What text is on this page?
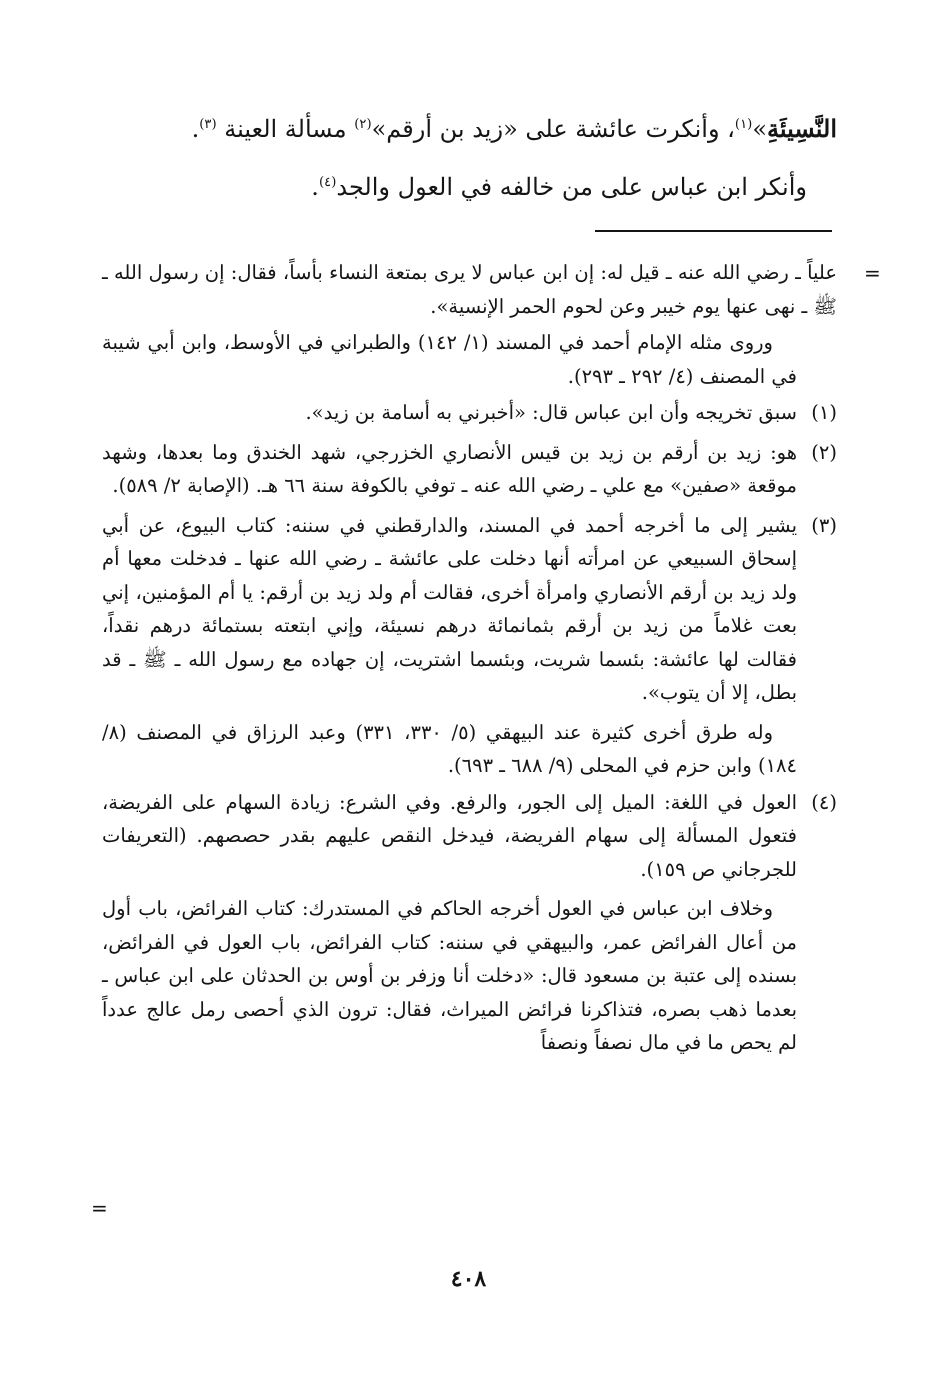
النَّسِيئَةِ»$^{(١)}$، وأنكرت عائشة على «زيد بن أرقم»$^{(٢)}$ مسألة العينة $^{(٣)}$.
وأنكر ابن عباس على من خالفه في العول والجد$^{(٤)}$.
=

علياً ـ رضي الله عنه ـ قيل له: إن ابن عباس لا يرى بمتعة النساء بأساً، فقال: إن رسول الله ـ ﷺ ـ نهى عنها يوم خيبر وعن لحوم الحمر الإنسية».

وروى مثله الإمام أحمد في المسند (١/ ١٤٢) والطبراني في الأوسط، وابن أبي شيبة في المصنف (٤/ ٢٩٢ ـ ٢٩٣).

(١)

سبق تخريجه وأن ابن عباس قال: «أخبرني به أسامة بن زيد».

(٢)

هو: زيد بن أرقم بن زيد بن قيس الأنصاري الخزرجي، شهد الخندق وما بعدها، وشهد موقعة «صفين» مع علي ـ رضي الله عنه ـ توفي بالكوفة سنة ٦٦ هـ. (الإصابة ٢/ ٥٨٩).

(٣)

يشير إلى ما أخرجه أحمد في المسند، والدارقطني في سننه: كتاب البيوع، عن أبي إسحاق السبيعي عن امرأته أنها دخلت على عائشة ـ رضي الله عنها ـ فدخلت معها أم ولد زيد بن أرقم الأنصاري وامرأة أخرى، فقالت أم ولد زيد بن أرقم: يا أم المؤمنين، إني بعت غلاماً من زيد بن أرقم بثمانمائة درهم نسيئة، وإني ابتعته بستمائة درهم نقداً، فقالت لها عائشة: بئسما شريت، وبئسما اشتريت، إن جهاده مع رسول الله ـ ﷺ ـ قد بطل، إلا أن يتوب».

وله طرق أخرى كثيرة عند البيهقي (٥/ ٣٣٠، ٣٣١) وعبد الرزاق في المصنف (٨/ ١٨٤) وابن حزم في المحلى (٩/ ٦٨٨ ـ ٦٩٣).

(٤)

العول في اللغة: الميل إلى الجور، والرفع. وفي الشرع: زيادة السهام على الفريضة، فتعول المسألة إلى سهام الفريضة، فيدخل النقص عليهم بقدر حصصهم. (التعريفات للجرجاني ص ١٥٩).

وخلاف ابن عباس في العول أخرجه الحاكم في المستدرك: كتاب الفرائض، باب أول من أعال الفرائض عمر، والبيهقي في سننه: كتاب الفرائض، باب العول في الفرائض، بسنده إلى عتبة بن مسعود قال: «دخلت أنا وزفر بن أوس بن الحدثان على ابن عباس ـ بعدما ذهب بصره، فتذاكرنا فرائض الميراث، فقال: ترون الذي أحصى رمل عالج عدداً لم يحص ما في مال نصفاً ونصفاً

=
٤٠٨
